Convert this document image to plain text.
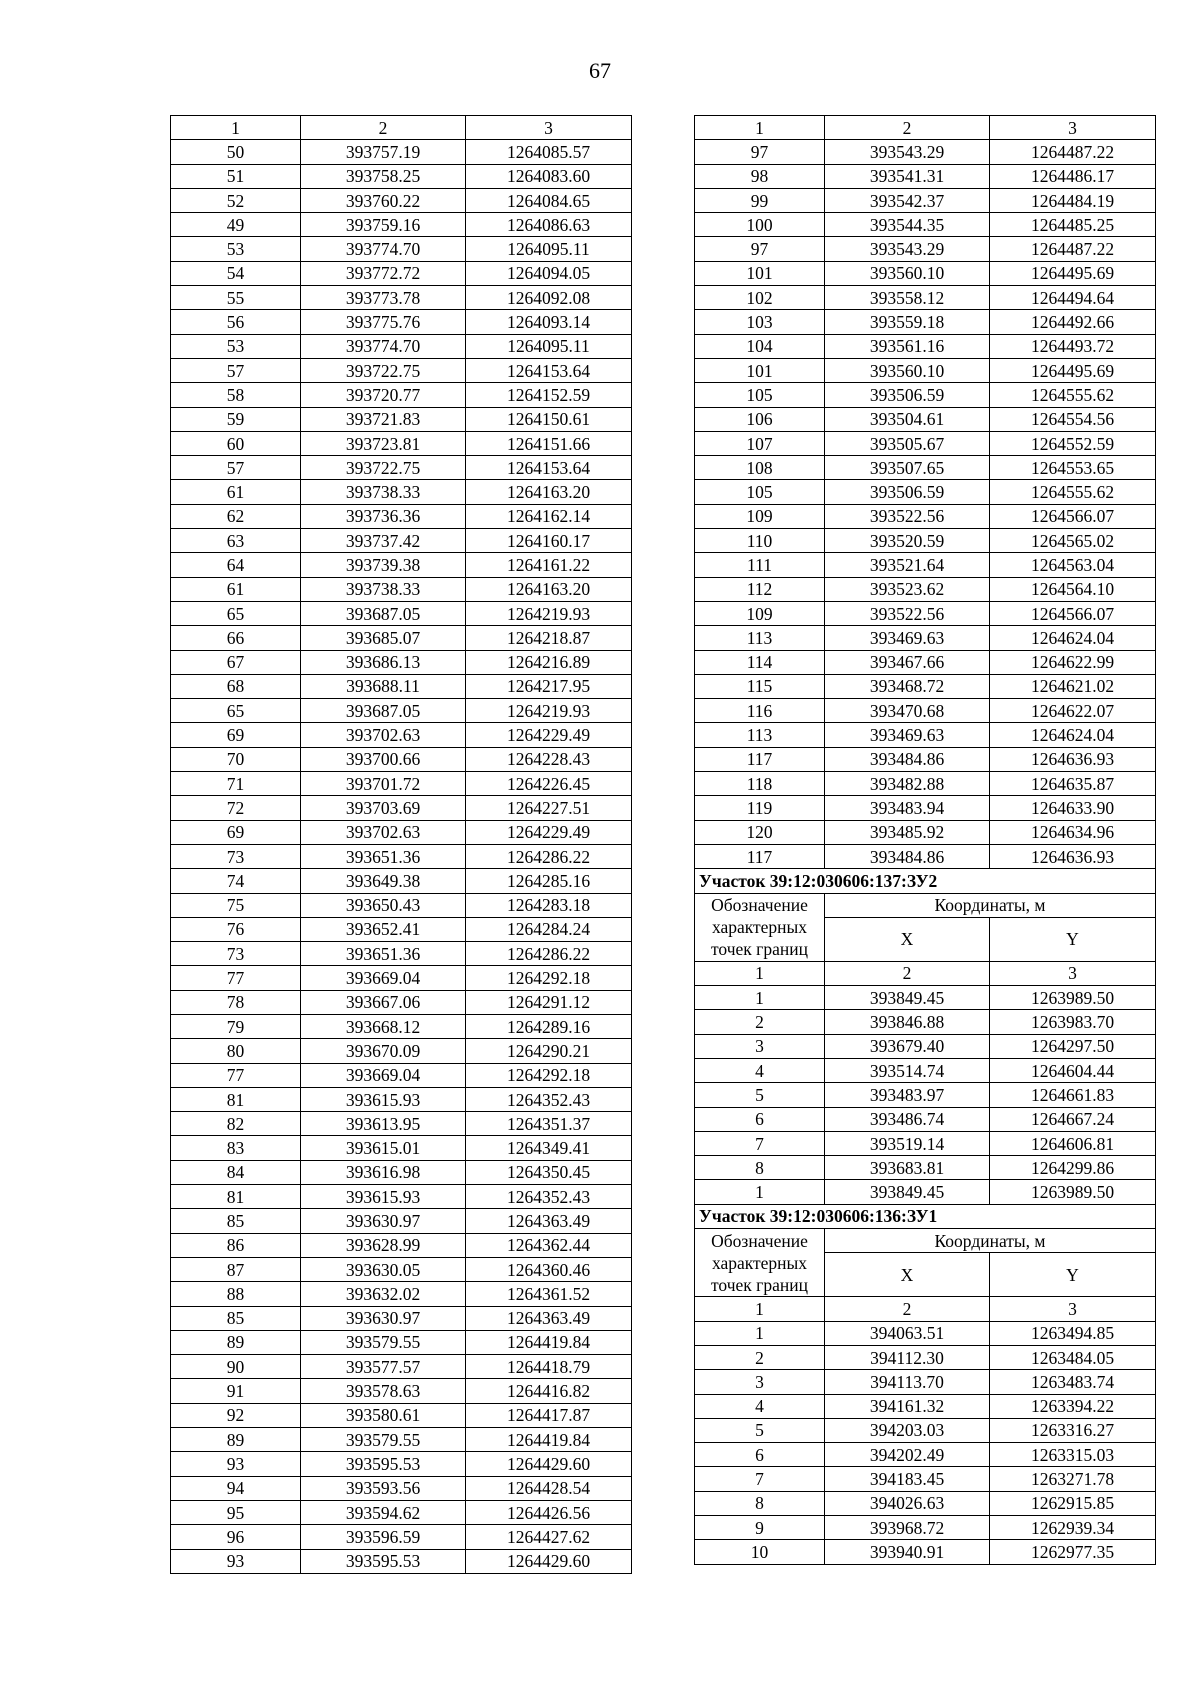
67
1	2	3
50	393757.19	1264085.57
51	393758.25	1264083.60
52	393760.22	1264084.65
49	393759.16	1264086.63
53	393774.70	1264095.11
54	393772.72	1264094.05
55	393773.78	1264092.08
56	393775.76	1264093.14
53	393774.70	1264095.11
57	393722.75	1264153.64
58	393720.77	1264152.59
59	393721.83	1264150.61
60	393723.81	1264151.66
57	393722.75	1264153.64
61	393738.33	1264163.20
62	393736.36	1264162.14
63	393737.42	1264160.17
64	393739.38	1264161.22
61	393738.33	1264163.20
65	393687.05	1264219.93
66	393685.07	1264218.87
67	393686.13	1264216.89
68	393688.11	1264217.95
65	393687.05	1264219.93
69	393702.63	1264229.49
70	393700.66	1264228.43
71	393701.72	1264226.45
72	393703.69	1264227.51
69	393702.63	1264229.49
73	393651.36	1264286.22
74	393649.38	1264285.16
75	393650.43	1264283.18
76	393652.41	1264284.24
73	393651.36	1264286.22
77	393669.04	1264292.18
78	393667.06	1264291.12
79	393668.12	1264289.16
80	393670.09	1264290.21
77	393669.04	1264292.18
81	393615.93	1264352.43
82	393613.95	1264351.37
83	393615.01	1264349.41
84	393616.98	1264350.45
81	393615.93	1264352.43
85	393630.97	1264363.49
86	393628.99	1264362.44
87	393630.05	1264360.46
88	393632.02	1264361.52
85	393630.97	1264363.49
89	393579.55	1264419.84
90	393577.57	1264418.79
91	393578.63	1264416.82
92	393580.61	1264417.87
89	393579.55	1264419.84
93	393595.53	1264429.60
94	393593.56	1264428.54
95	393594.62	1264426.56
96	393596.59	1264427.62
93	393595.53	1264429.60
1	2	3
97	393543.29	1264487.22
98	393541.31	1264486.17
99	393542.37	1264484.19
100	393544.35	1264485.25
97	393543.29	1264487.22
101	393560.10	1264495.69
102	393558.12	1264494.64
103	393559.18	1264492.66
104	393561.16	1264493.72
101	393560.10	1264495.69
105	393506.59	1264555.62
106	393504.61	1264554.56
107	393505.67	1264552.59
108	393507.65	1264553.65
105	393506.59	1264555.62
109	393522.56	1264566.07
110	393520.59	1264565.02
111	393521.64	1264563.04
112	393523.62	1264564.10
109	393522.56	1264566.07
113	393469.63	1264624.04
114	393467.66	1264622.99
115	393468.72	1264621.02
116	393470.68	1264622.07
113	393469.63	1264624.04
117	393484.86	1264636.93
118	393482.88	1264635.87
119	393483.94	1264633.90
120	393485.92	1264634.96
117	393484.86	1264636.93
Участок 39:12:030606:137:ЗУ2		
Обозначение
характерных
точек границ	Координаты, м	
	X	Y
1	2	3
1	393849.45	1263989.50
2	393846.88	1263983.70
3	393679.40	1264297.50
4	393514.74	1264604.44
5	393483.97	1264661.83
6	393486.74	1264667.24
7	393519.14	1264606.81
8	393683.81	1264299.86
1	393849.45	1263989.50
Участок 39:12:030606:136:ЗУ1		
Обозначение
характерных
точек границ	Координаты, м	
	X	Y
1	2	3
1	394063.51	1263494.85
2	394112.30	1263484.05
3	394113.70	1263483.74
4	394161.32	1263394.22
5	394203.03	1263316.27
6	394202.49	1263315.03
7	394183.45	1263271.78
8	394026.63	1262915.85
9	393968.72	1262939.34
10	393940.91	1262977.35
